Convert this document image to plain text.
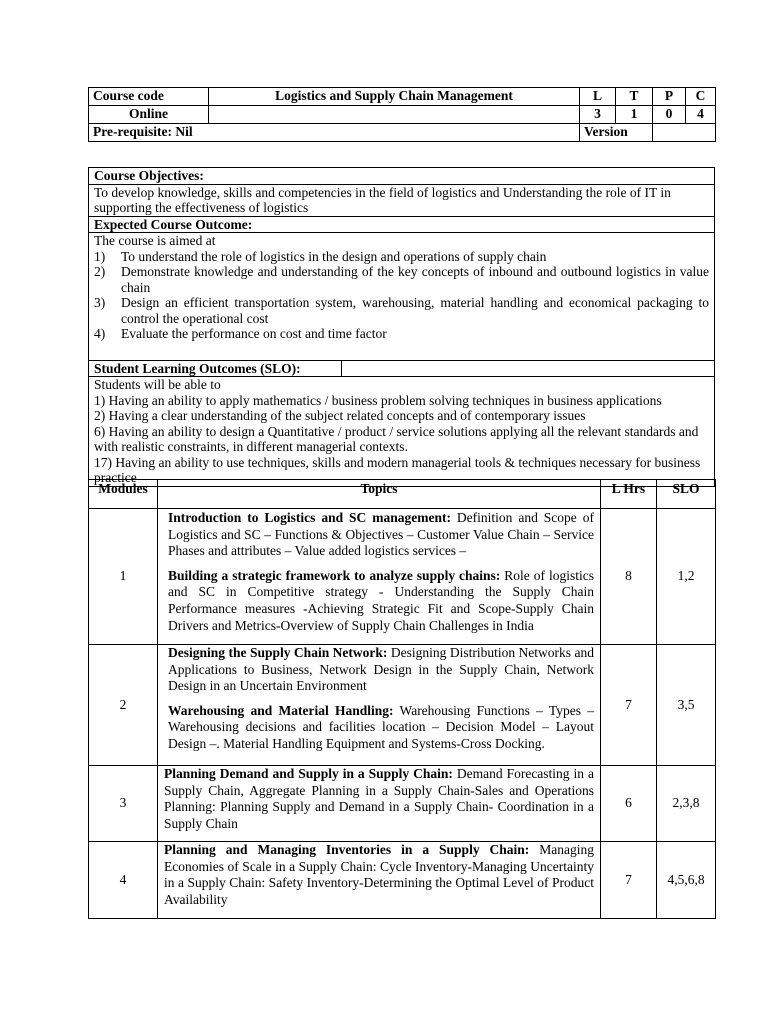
Course code	Logistics and Supply Chain Management	L	T	P	C
Online		3	1	0	4
Pre-requisite: Nil		Version			
Course Objectives:
To develop knowledge, skills and competencies in the field of logistics and Understanding the role of IT in supporting the effectiveness of logistics
Expected Course Outcome:

The course is aimed at
1)	To understand the role of logistics in the design and operations of supply chain
2)	Demonstrate knowledge and understanding of the key concepts of inbound and outbound logistics in value chain
3)	Design an efficient transportation system, warehousing, material handling and economical packaging to control the operational cost
4)	Evaluate the performance on cost and time factor
Student Learning Outcomes (SLO):
Students will be able to
1) Having an ability to apply mathematics / business problem solving techniques in business applications
2) Having a clear understanding of the subject related concepts and of contemporary issues
6) Having an ability to design a Quantitative / product / service solutions applying all the relevant standards and with realistic constraints, in different managerial contexts.
17) Having an ability to use techniques, skills and modern managerial tools & techniques necessary for business practice
Modules	Topics	L Hrs	SLO
1	Introduction to Logistics and SC management: Definition and Scope of Logistics and SC – Functions & Objectives – Customer Value Chain – Service Phases and attributes – Value added logistics services –

Building a strategic framework to analyze supply chains: Role of logistics and SC in Competitive strategy - Understanding the Supply Chain Performance measures -Achieving Strategic Fit and Scope-Supply Chain Drivers and Metrics-Overview of Supply Chain Challenges in India	8	1,2
2	Designing the Supply Chain Network: Designing Distribution Networks and Applications to Business, Network Design in the Supply Chain, Network Design in an Uncertain Environment

Warehousing and Material Handling: Warehousing Functions – Types – Warehousing decisions and facilities location – Decision Model – Layout Design –. Material Handling Equipment and Systems-Cross Docking.	7	3,5
3	Planning Demand and Supply in a Supply Chain: Demand Forecasting in a Supply Chain, Aggregate Planning in a Supply Chain-Sales and Operations Planning: Planning Supply and Demand in a Supply Chain- Coordination in a Supply Chain	6	2,3,8
4	Planning and Managing Inventories in a Supply Chain: Managing Economies of Scale in a Supply Chain: Cycle Inventory-Managing Uncertainty in a Supply Chain: Safety Inventory-Determining the Optimal Level of Product Availability	7	4,5,6,8
